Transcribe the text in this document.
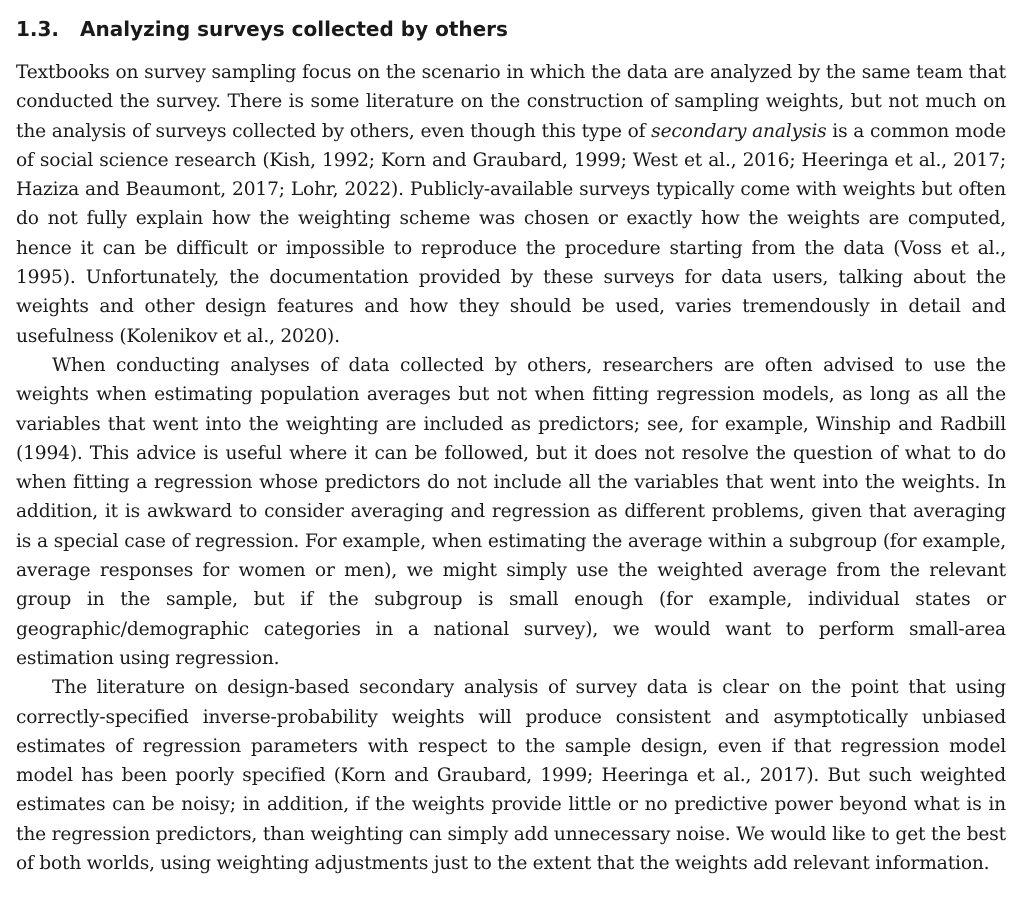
1.3.	Analyzing surveys collected by others

Textbooks on survey sampling focus on the scenario in which the data are analyzed by the same team that conducted the survey. There is some literature on the construction of sampling weights, but not much on the analysis of surveys collected by others, even though this type of secondary analysis is a common mode of social science research (Kish, 1992; Korn and Graubard, 1999; West et al., 2016; Heeringa et al., 2017; Haziza and Beaumont, 2017; Lohr, 2022). Publicly-available surveys typically come with weights but often do not fully explain how the weighting scheme was chosen or exactly how the weights are computed, hence it can be difficult or impossible to reproduce the procedure starting from the data (Voss et al., 1995). Unfortunately, the documentation provided by these surveys for data users, talking about the weights and other design features and how they should be used, varies tremendously in detail and usefulness (Kolenikov et al., 2020).

When conducting analyses of data collected by others, researchers are often advised to use the weights when estimating population averages but not when fitting regression models, as long as all the variables that went into the weighting are included as predictors; see, for example, Winship and Radbill (1994). This advice is useful where it can be followed, but it does not resolve the question of what to do when fitting a regression whose predictors do not include all the variables that went into the weights. In addition, it is awkward to consider averaging and regression as different problems, given that averaging is a special case of regression. For example, when estimating the average within a subgroup (for example, average responses for women or men), we might simply use the weighted average from the relevant group in the sample, but if the subgroup is small enough (for example, individual states or geographic/demographic categories in a national survey), we would want to perform small-area estimation using regression.

The literature on design-based secondary analysis of survey data is clear on the point that using correctly-specified inverse-probability weights will produce consistent and asymptotically unbiased estimates of regression parameters with respect to the sample design, even if that regression model model has been poorly specified (Korn and Graubard, 1999; Heeringa et al., 2017). But such weighted estimates can be noisy; in addition, if the weights provide little or no predictive power beyond what is in the regression predictors, than weighting can simply add unnecessary noise. We would like to get the best of both worlds, using weighting adjustments just to the extent that the weights add relevant information.
